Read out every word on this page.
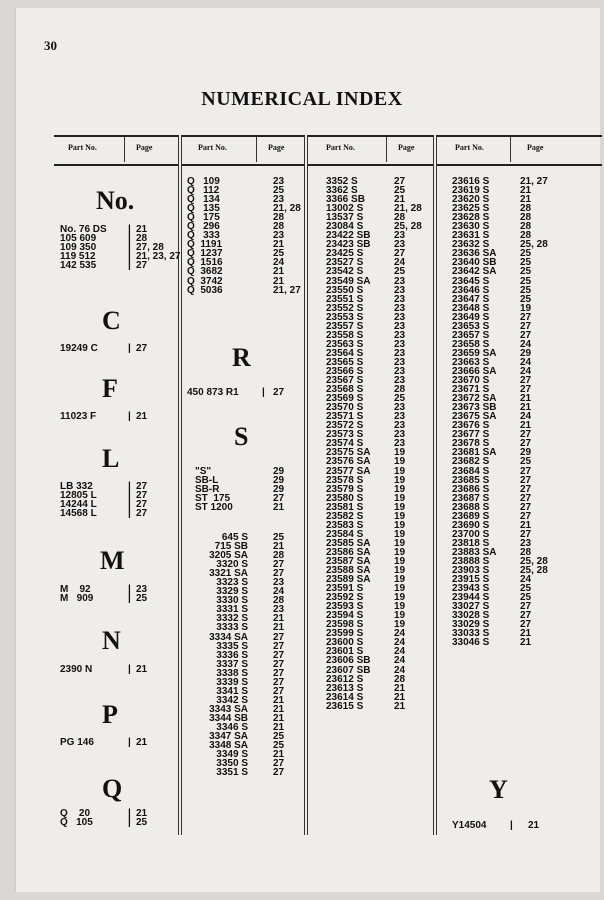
30
NUMERICAL INDEX
Part No.	Page	Part No.	Page	Part No.	Page	Part No.	Page
No.
No. 76 DS | 21
105 609	| 28
109 350	| 27, 28
119 512	| 21, 23, 27
142 535	| 27
C
19249 C	| 27
F
11023 F	| 21
L
LB 332	| 27
12805 L	| 27
14244 L	| 27
14568 L	| 27
M
M    92	| 23
M   909	| 25
N
2390 N	| 21
P
PG 146	| 21
Q
Q    20	| 21
Q   105	| 25
Q   109	23
Q   112	25
Q   134	23
Q   135	21, 28
Q   175	28
Q   296	28
Q   333	23
Q  1191	21
Q  1237	25
Q  1516	24
Q  3682	21
Q  3742	21
Q  5036	21, 27
R
450 873 R1 | 27
S
"S"	29
SB-L	29
SB-R	29
ST  175	27
ST 1200	21
645 S	25
715 SB	21
3205 SA	28
3320 S	27
3321 SA	27
3323 S	23
3329 S	24
3330 S	28
3331 S	23
3332 S	21
3333 S	21
3334 SA	27
3335 S	27
3336 S	27
3337 S	27
3338 S	27
3339 S	27
3341 S	27
3342 S	21
3343 SA	21
3344 SB	21
3346 S	21
3347 SA	25
3348 SA	25
3349 S	21
3350 S	27
3351 S	27
3352 S	27
3362 S	25
3366 SB	21
13002 S	21, 28
13537 S	28
23084 S	25, 28
23422 SB 23
23423 SB 23
23425 S	27
23527 S	24
23542 S	25
23549 SA 23
23550 S	23
23551 S	23
23552 S	23
23553 S	23
23557 S	23
23558 S	23
23563 S	23
23564 S	23
23565 S	23
23566 S	23
23567 S	23
23568 S	28
23569 S	25
23570 S	23
23571 S	23
23572 S	23
23573 S	23
23574 S	23
23575 SA 19
23576 SA 19
23577 SA 19
23578 S	19
23579 S	19
23580 S	19
23581 S	19
23582 S	19
23583 S	19
23584 S	19
23585 SA 19
23586 SA 19
23587 SA 19
23588 SA 19
23589 SA 19
23591 S	19
23592 S	19
23593 S	19
23594 S	19
23598 S	19
23599 S	24
23600 S	24
23601 S	24
23606 SB 24
23607 SB 24
23612 S	28
23613 S	21
23614 S	21
23615 S	21
23616 S	21, 27
23619 S	21
23620 S	21
23625 S	28
23628 S	28
23630 S	28
23631 S	28
23632 S	25, 28
23636 SA 25
23640 SB 25
23642 SA 25
23645 S	25
23646 S	25
23647 S	25
23648 S	19
23649 S	27
23653 S	27
23657 S	27
23658 S	24
23659 SA 29
23663 S	24
23666 SA 24
23670 S	27
23671 S	27
23672 SA 21
23673 SB 21
23675 SA 24
23676 S	21
23677 S	27
23678 S	27
23681 SA 29
23682 S	25
23684 S	27
23685 S	27
23686 S	27
23687 S	27
23688 S	27
23689 S	27
23690 S	21
23700 S	27
23818 S	23
23883 SA 28
23888 S	25, 28
23903 S	25, 28
23915 S	24
23943 S	25
23944 S	25
33027 S	27
33028 S	27
33029 S	27
33033 S	21
33046 S	21
Y
Y14504 | 21
